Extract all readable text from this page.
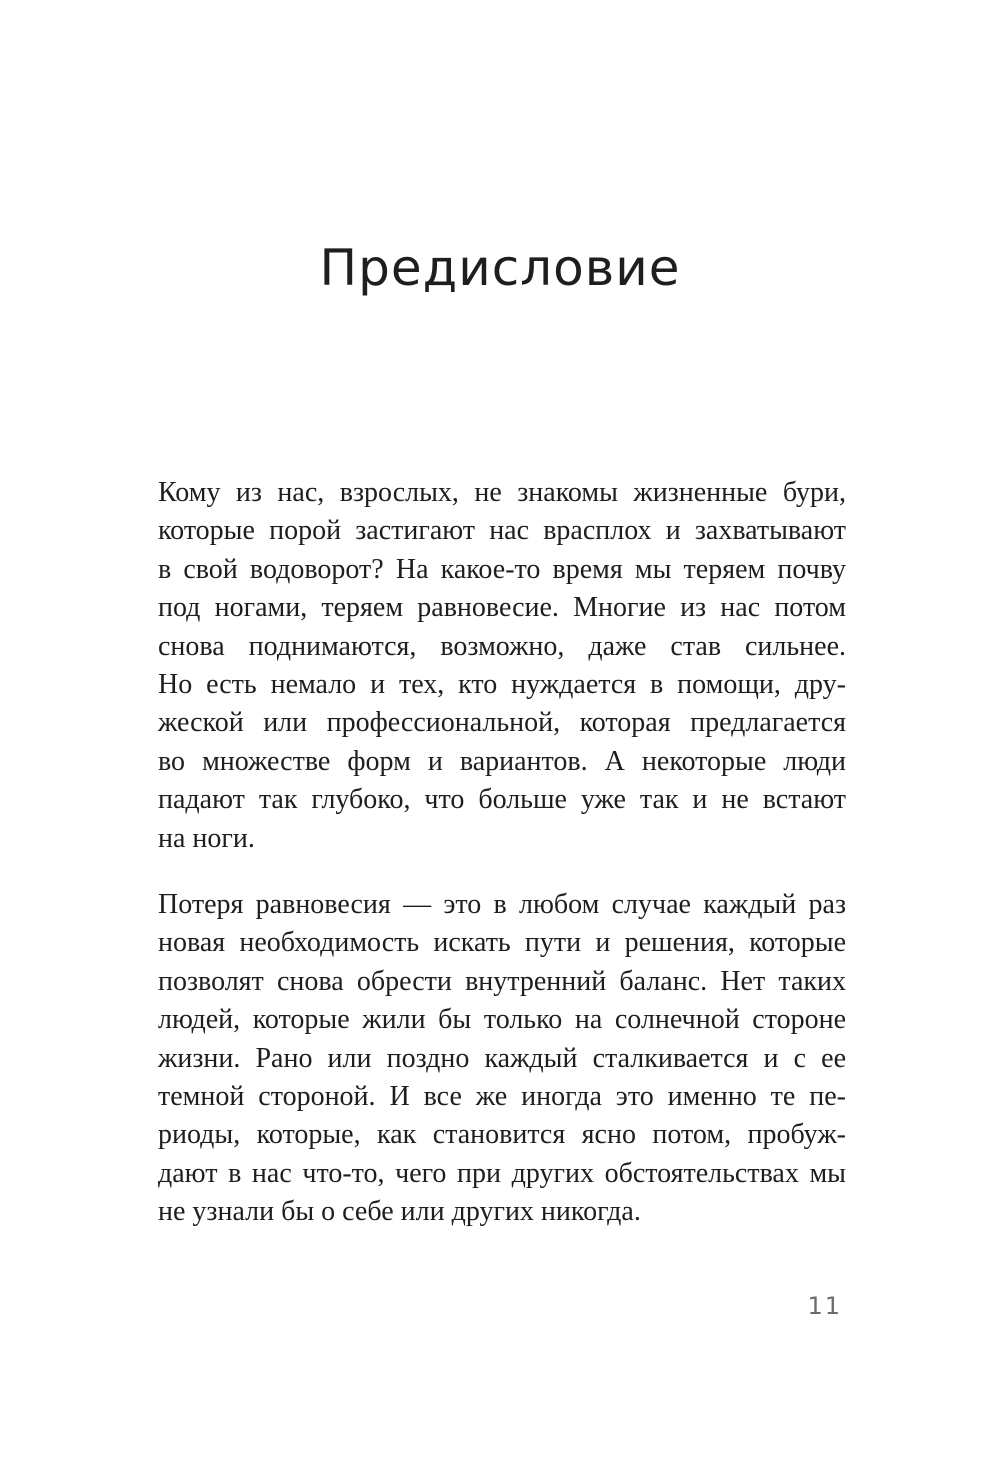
Предисловие
Кому из нас, взрослых, не знакомы жизненные бури,
которые порой застигают нас врасплох и захватывают
в свой водоворот? На какое-то время мы теряем почву
под ногами, теряем равновесие. Многие из нас потом
снова поднимаются, возможно, даже став сильнее.
Но есть немало и тех, кто нуждается в помощи, дру-
жеской или профессиональной, которая предлагается
во множестве форм и вариантов. А некоторые люди
падают так глубоко, что больше уже так и не встают
на ноги.
Потеря равновесия — это в любом случае каждый раз
новая необходимость искать пути и решения, которые
позволят снова обрести внутренний баланс. Нет таких
людей, которые жили бы только на солнечной стороне
жизни. Рано или поздно каждый сталкивается и с ее
темной стороной. И все же иногда это именно те пе-
риоды, которые, как становится ясно потом, пробуж-
дают в нас что-то, чего при других обстоятельствах мы
не узнали бы о себе или других никогда.
11
